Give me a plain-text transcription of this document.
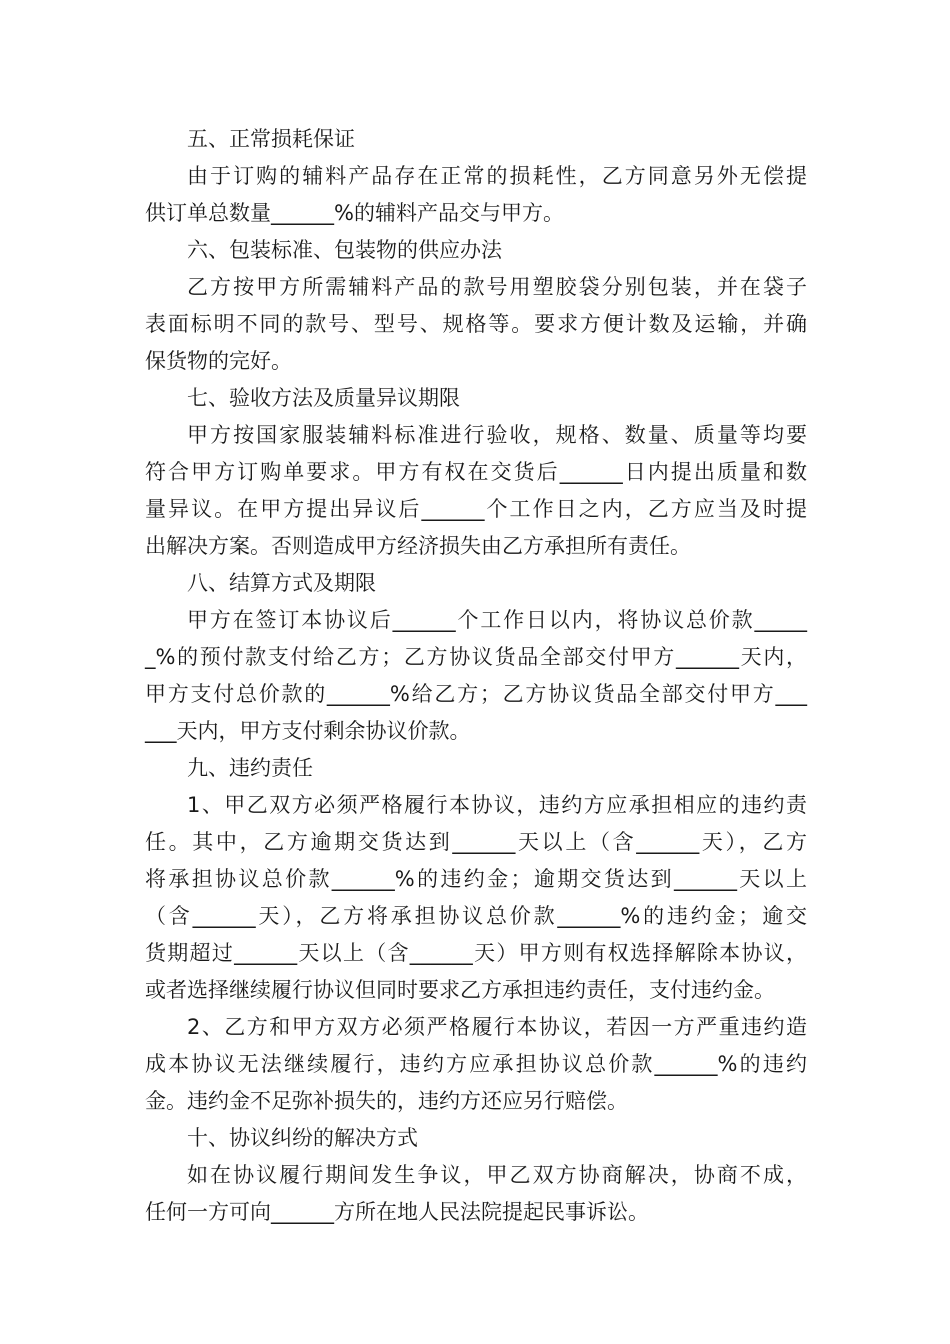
五、正常损耗保证
由于订购的辅料产品存在正常的损耗性，乙方同意另外无偿提
供订单总数量______%的辅料产品交与甲方。
六、包装标准、包装物的供应办法
乙方按甲方所需辅料产品的款号用塑胶袋分别包装，并在袋子
表面标明不同的款号、型号、规格等。要求方便计数及运输，并确
保货物的完好。
七、验收方法及质量异议期限
甲方按国家服装辅料标准进行验收，规格、数量、质量等均要
符合甲方订购单要求。甲方有权在交货后______日内提出质量和数
量异议。在甲方提出异议后______个工作日之内，乙方应当及时提
出解决方案。否则造成甲方经济损失由乙方承担所有责任。
八、结算方式及期限
甲方在签订本协议后______个工作日以内，将协议总价款_____
_%的预付款支付给乙方；乙方协议货品全部交付甲方______天内，
甲方支付总价款的______%给乙方；乙方协议货品全部交付甲方___
___天内，甲方支付剩余协议价款。
九、违约责任
1、甲乙双方必须严格履行本协议，违约方应承担相应的违约责
任。其中，乙方逾期交货达到______天以上（含______天），乙方
将承担协议总价款______%的违约金；逾期交货达到______天以上
（含______天），乙方将承担协议总价款______%的违约金；逾交
货期超过______天以上（含______天）甲方则有权选择解除本协议，
或者选择继续履行协议但同时要求乙方承担违约责任，支付违约金。
2、乙方和甲方双方必须严格履行本协议，若因一方严重违约造
成本协议无法继续履行，违约方应承担协议总价款______%的违约
金。违约金不足弥补损失的，违约方还应另行赔偿。
十、协议纠纷的解决方式
如在协议履行期间发生争议，甲乙双方协商解决，协商不成，
任何一方可向______方所在地人民法院提起民事诉讼。
